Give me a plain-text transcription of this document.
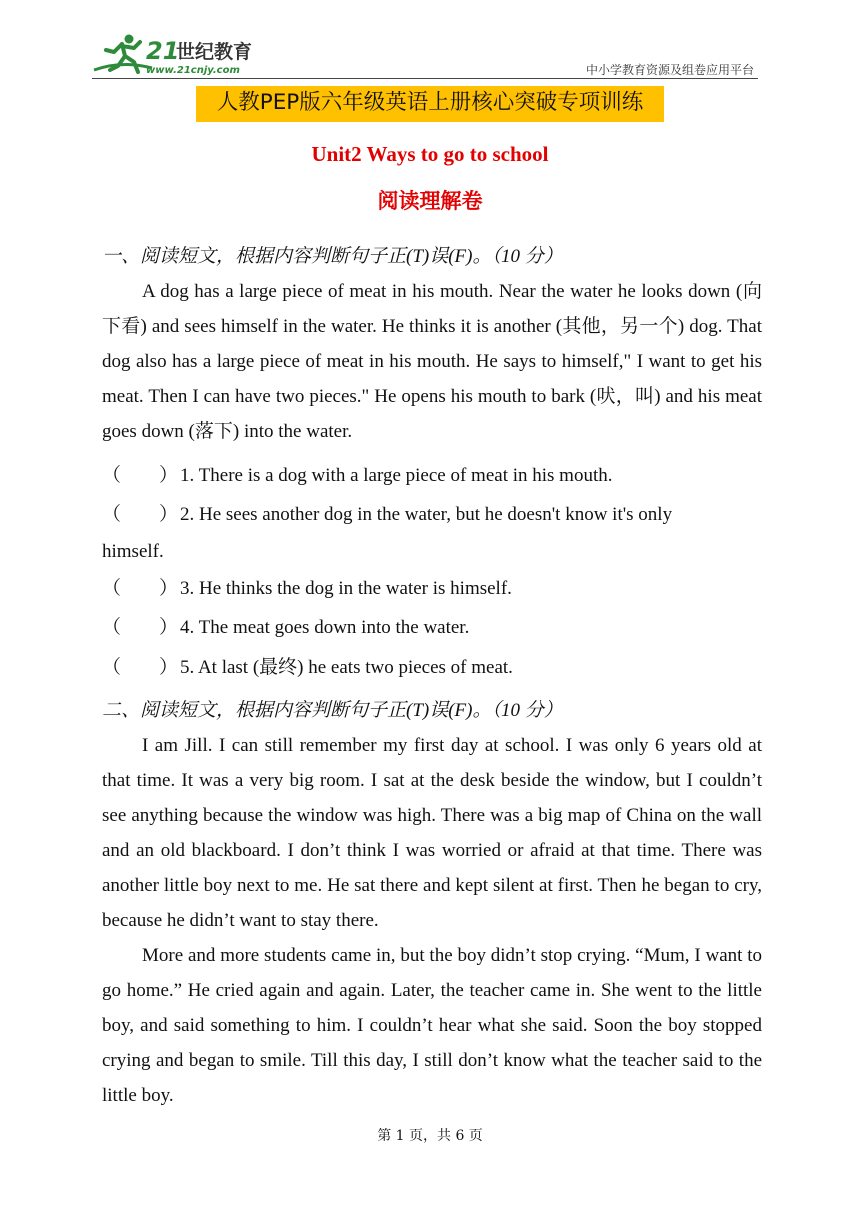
21
世纪教育
www.21cnjy.com	中小学教育资源及组卷应用平台
人教PEP版六年级英语上册核心突破专项训练
Unit2 Ways to go to school
阅读理解卷
一、阅读短文，根据内容判断句子正(T)误(F)。（10 分）

A dog has a large piece of meat in his mouth. Near the water he looks down (向下看) and sees himself in the water. He thinks it is another (其他，另一个) dog. That dog also has a large piece of meat in his mouth. He says to himself," I want to get his meat. Then I can have two pieces." He opens his mouth to bark (吠，叫) and his meat goes down (落下) into the water.

（　　） 1. There is a dog with a large piece of meat in his mouth.
（　　） 2. He sees another dog in the water, but he doesn't know it's only
himself.
（　　） 3. He thinks the dog in the water is himself.
（　　） 4. The meat goes down into the water.
（　　） 5. At last (最终) he eats two pieces of meat.
二、阅读短文，根据内容判断句子正(T)误(F)。（10 分）

I am Jill. I can still remember my first day at school. I was only 6 years old at that time. It was a very big room. I sat at the desk beside the window, but I couldn’t see anything because the window was high. There was a big map of China on the wall and an old blackboard. I don’t think I was worried or afraid at that time. There was another little boy next to me. He sat there and kept silent at first. Then he began to cry, because he didn’t want to stay there.

More and more students came in, but the boy didn’t stop crying. “Mum, I want to go home.” He cried again and again. Later, the teacher came in. She went to the little boy, and said something to him. I couldn’t hear what she said. Soon the boy stopped crying and began to smile. Till this day, I still don’t know what the teacher said to the little boy.

第 1 页，共 6 页
